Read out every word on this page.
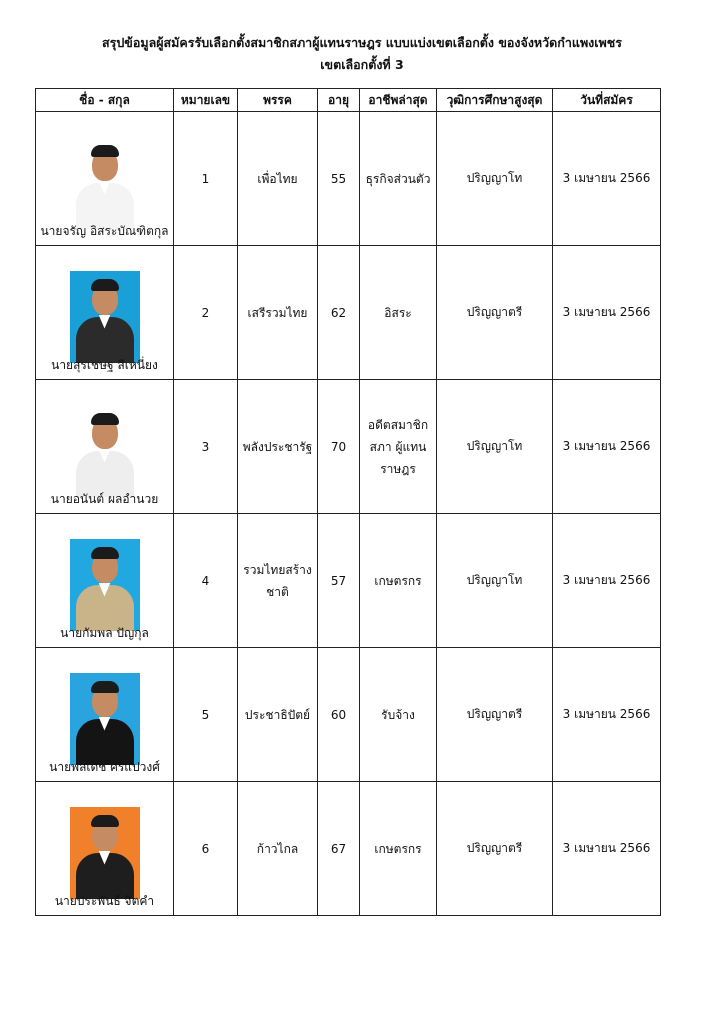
สรุปข้อมูลผู้สมัครรับเลือกตั้งสมาชิกสภาผู้แทนราษฎร แบบแบ่งเขตเลือกตั้ง ของจังหวัดกำแพงเพชร
เขตเลือกตั้งที่ 3
ชื่อ - สกุล	หมายเลข	พรรค	อายุ	อาชีพล่าสุด	วุฒิการศึกษาสูงสุด	วันที่สมัคร

นายจรัญ อิสระบัณฑิตกุล	1	เพื่อไทย	55	ธุรกิจส่วนตัว	ปริญญาโท	3 เมษายน 2566

นายสุรเชษฐ สีเหนี่ยง	2	เสรีรวมไทย	62	อิสระ	ปริญญาตรี	3 เมษายน 2566

นายอนันต์ ผลอำนวย	3	พลังประชารัฐ	70	อดีตสมาชิก สภา ผู้แทนราษฎร	ปริญญาโท	3 เมษายน 2566

นายกัมพล ปัญกุล	4	รวมไทยสร้างชาติ	57	เกษตรกร	ปริญญาโท	3 เมษายน 2566

นายพลเดช ศรีแปวงศ์	5	ประชาธิปัตย์	60	รับจ้าง	ปริญญาตรี	3 เมษายน 2566

นายประพันธ์ จิตคำ	6	ก้าวไกล	67	เกษตรกร	ปริญญาตรี	3 เมษายน 2566
